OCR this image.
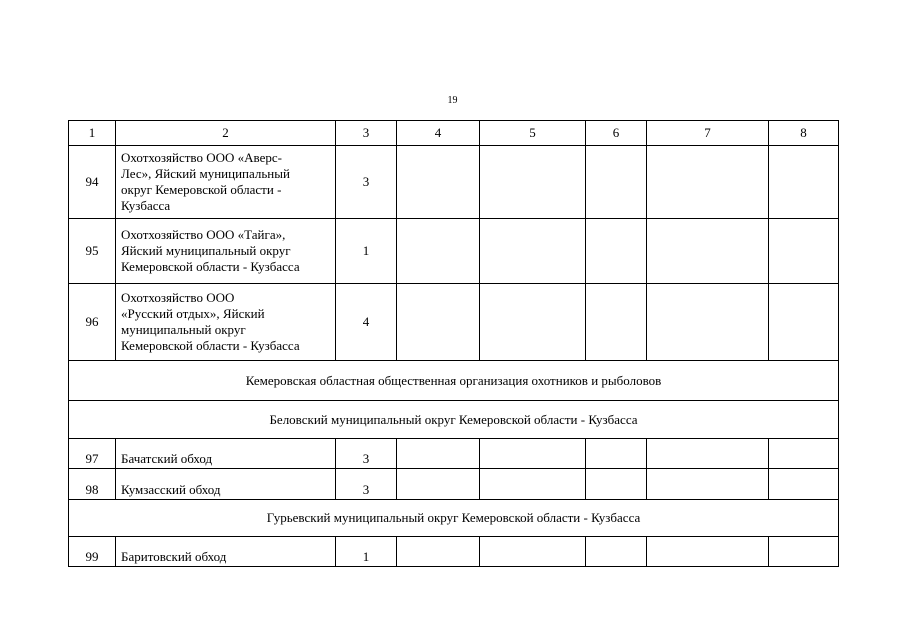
19
1	2	3	4	5	6	7	8
94	Охотхозяйство ООО «Аверс-
Лес», Яйский муниципальный
округ Кемеровской области -
Кузбасса	3					
95	Охотхозяйство ООО «Тайга»,
Яйский муниципальный округ
Кемеровской области - Кузбасса	1					
96	Охотхозяйство ООО
«Русский отдых», Яйский
муниципальный округ
Кемеровской области - Кузбасса	4					
Кемеровская областная общественная организация охотников и рыболовов							
Беловский муниципальный округ Кемеровской области - Кузбасса							
97	Бачатский обход	3					
98	Кумзасский обход	3					
Гурьевский муниципальный округ Кемеровской области - Кузбасса							
99	Баритовский обход	1					
